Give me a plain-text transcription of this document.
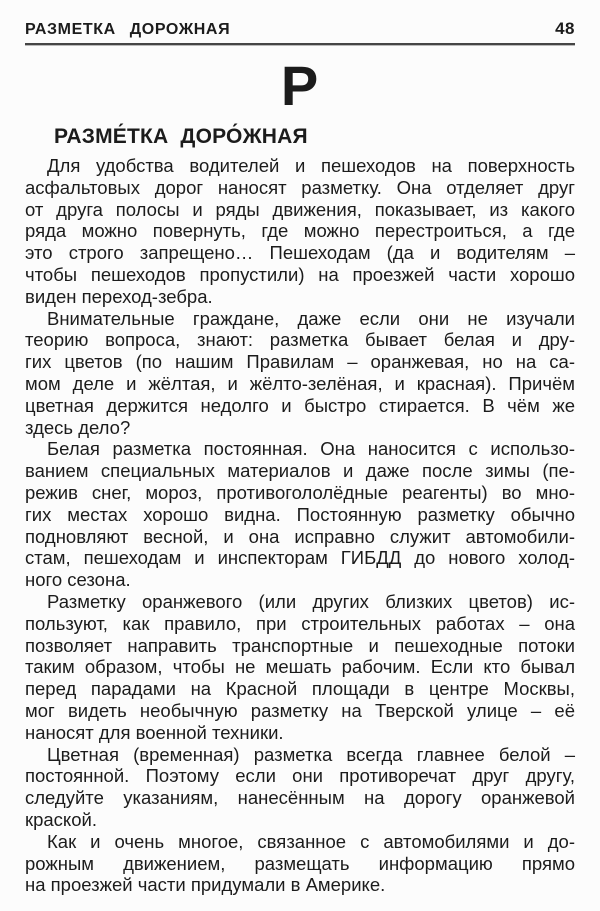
РАЗМЕТКА ДОРОЖНАЯ	48
Р
РАЗМЕ́ТКА ДОРО́ЖНАЯ
Для удобства водителей и пешеходов на поверхность
асфальтовых дорог наносят разметку. Она отделяет друг
от друга полосы и ряды движения, показывает, из какого
ряда можно повернуть, где можно перестроиться, а где
это строго запрещено… Пешеходам (да и водителям –
чтобы пешеходов пропустили) на проезжей части хорошо
виден переход-зебра.
Внимательные граждане, даже если они не изучали
теорию вопроса, знают: разметка бывает белая и дру-
гих цветов (по нашим Правилам – оранжевая, но на са-
мом деле и жёлтая, и жёлто-зелёная, и красная). Причём
цветная держится недолго и быстро стирается. В чём же
здесь дело?
Белая разметка постоянная. Она наносится с использо-
ванием специальных материалов и даже после зимы (пе-
режив снег, мороз, противогололёдные реагенты) во мно-
гих местах хорошо видна. Постоянную разметку обычно
подновляют весной, и она исправно служит автомобили-
стам, пешеходам и инспекторам ГИБДД до нового холод-
ного сезона.
Разметку оранжевого (или других близких цветов) ис-
пользуют, как правило, при строительных работах – она
позволяет направить транспортные и пешеходные потоки
таким образом, чтобы не мешать рабочим. Если кто бывал
перед парадами на Красной площади в центре Москвы,
мог видеть необычную разметку на Тверской улице – её
наносят для военной техники.
Цветная (временная) разметка всегда главнее белой –
постоянной. Поэтому если они противоречат друг другу,
следуйте указаниям, нанесённым на дорогу оранжевой
краской.
Как и очень многое, связанное с автомобилями и до-
рожным движением, размещать информацию прямо
на проезжей части придумали в Америке.
